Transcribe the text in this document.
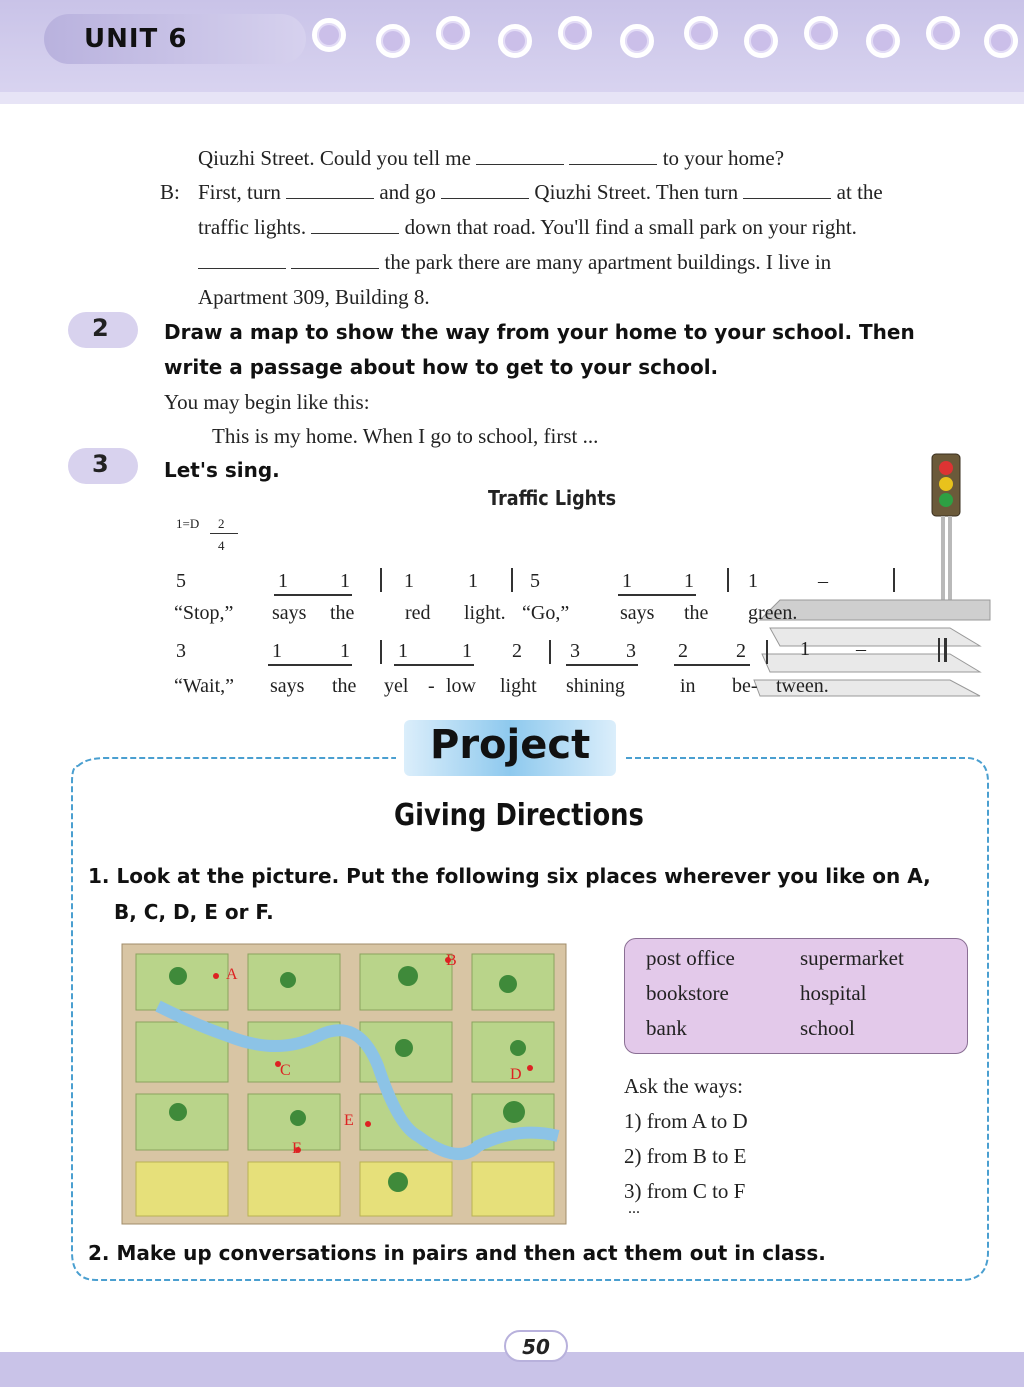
UNIT 6
Qiuzhi Street. Could you tell me	to your home?
B: First, turn	and go	Qiuzhi Street. Then turn	at the
traffic lights.	down that road. You'll find a small park on your right.
the park there are many apartment buildings. I live in
Apartment 309, Building 8.
2	Draw a map to show the way from your home to your school. Then
write a passage about how to get to your school.
You may begin like this:
This is my home. When I go to school, first ...
3	Let's sing.
Traffic Lights
1=D 2
4
5	1	1	1	1	5	1	1	1	–
“Stop,” says the	red light. “Go,”	says the green.
3	1	1 1	1 2 3 3 2 2	1 –
“Wait,” says the yel - low light shining	in be- tween.
Project
Giving Directions
1. Look at the picture. Put the following six places wherever you like on A,
B, C, D, E or F.
A
B
C	D
E
F
post office	supermarket
bookstore	hospital
bank	school
Ask the ways:
1) from A to D
2) from B to E
3) from C to F
...
2. Make up conversations in pairs and then act them out in class.
50
